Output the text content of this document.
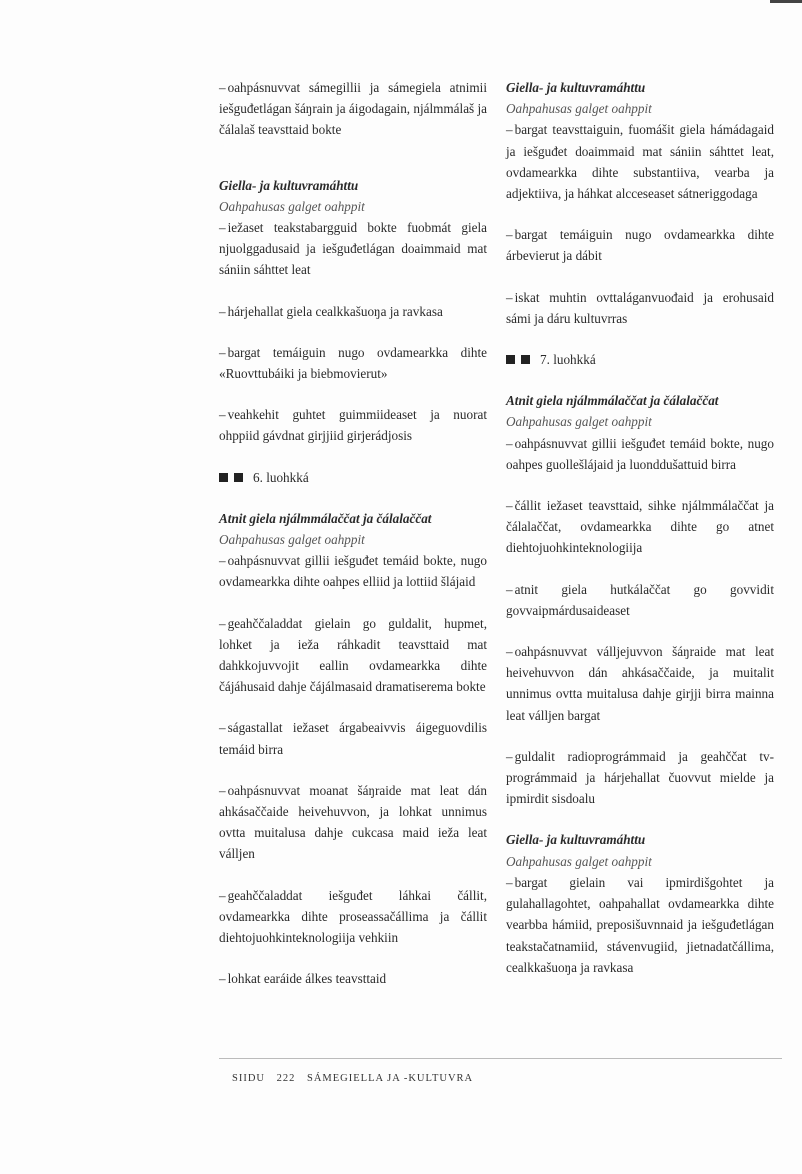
– oahpásnuvvat sámegillii ja sámegiela atnimii iešguđetlágan šáŋrain ja áigodagain, njálmmálaš ja čálalaš teavsttaid bokte

Giella- ja kultuvramáhttu

Oahpahusas galget oahppit

– iežaset teakstabargguid bokte fuobmát giela njuolggadusaid ja iešguđetlágan doaimmaid mat sániin sáhttet leat

– hárjehallat giela cealkkašuoŋa ja ravkasa

– bargat temáiguin nugo ovdamearkka dihte «Ruovttubáiki ja biebmovierut»

– veahkehit guhtet guimmiideaset ja nuorat ohppiid gávdnat girjjiid girjerádjosis

6. luohkká

Atnit giela njálmmálaččat ja čálalaččat

Oahpahusas galget oahppit

– oahpásnuvvat gillii iešguđet temáid bokte, nugo ovdamearkka dihte oahpes elliid ja lottiid šlájaid

– geahččaladdat gielain go guldalit, hupmet, lohket ja ieža ráhkadit teavsttaid mat dahkkojuvvojit eallin ovdamearkka dihte čájáhusaid dahje čájálmasaid dramatiserema bokte

– ságastallat iežaset árgabeaivvis áigeguovdilis temáid birra

– oahpásnuvvat moanat šáŋraide mat leat dán ahkásaččaide heivehuvvon, ja lohkat unnimus ovtta muitalusa dahje cukcasa maid ieža leat válljen

– geahččaladdat iešguđet láhkai čállit, ovdamearkka dihte proseassačállima ja čállit diehtojuohkinteknologiija vehkiin

– lohkat earáide álkes teavsttaid

Giella- ja kultuvramáhttu

Oahpahusas galget oahppit

– bargat teavsttaiguin, fuomášit giela hámádagaid ja iešguđet doaimmaid mat sániin sáhttet leat, ovdamearkka dihte substantiiva, vearba ja adjektiiva, ja háhkat alcceseaset sátneriggodaga

– bargat temáiguin nugo ovdamearkka dihte árbevierut ja dábit

– iskat muhtin ovttaláganvuođaid ja erohusaid sámi ja dáru kultuvrras

7. luohkká

Atnit giela njálmmálaččat ja čálalaččat

Oahpahusas galget oahppit

– oahpásnuvvat gillii iešguđet temáid bokte, nugo oahpes guollešlájaid ja luonddušattuid birra

– čállit iežaset teavsttaid, sihke njálmmálaččat ja čálalaččat, ovdamearkka dihte go atnet diehtojuohkinteknologiija

– atnit giela hutkálaččat go govvidit govvaipmárdusaideaset

– oahpásnuvvat válljejuvvon šáŋraide mat leat heivehuvvon dán ahkásaččaide, ja muitalit unnimus ovtta muitalusa dahje girjji birra mainna leat válljen bargat

– guldalit radioprográmmaid ja geahččat tv-prográmmaid ja hárjehallat čuovvut mielde ja ipmirdit sisdoalu

Giella- ja kultuvramáhttu

Oahpahusas galget oahppit

– bargat gielain vai ipmirdišgohtet ja gulahallagohtet, oahpahallat ovdamearkka dihte vearbba hámiid, preposišuvnnaid ja iešguđetlágan teakstačatnamiid, stávenvugiid, jietnadatčállima, cealkkašuoŋa ja ravkasa

SIIDU 222 SÁMEGIELLA JA -KULTUVRA
